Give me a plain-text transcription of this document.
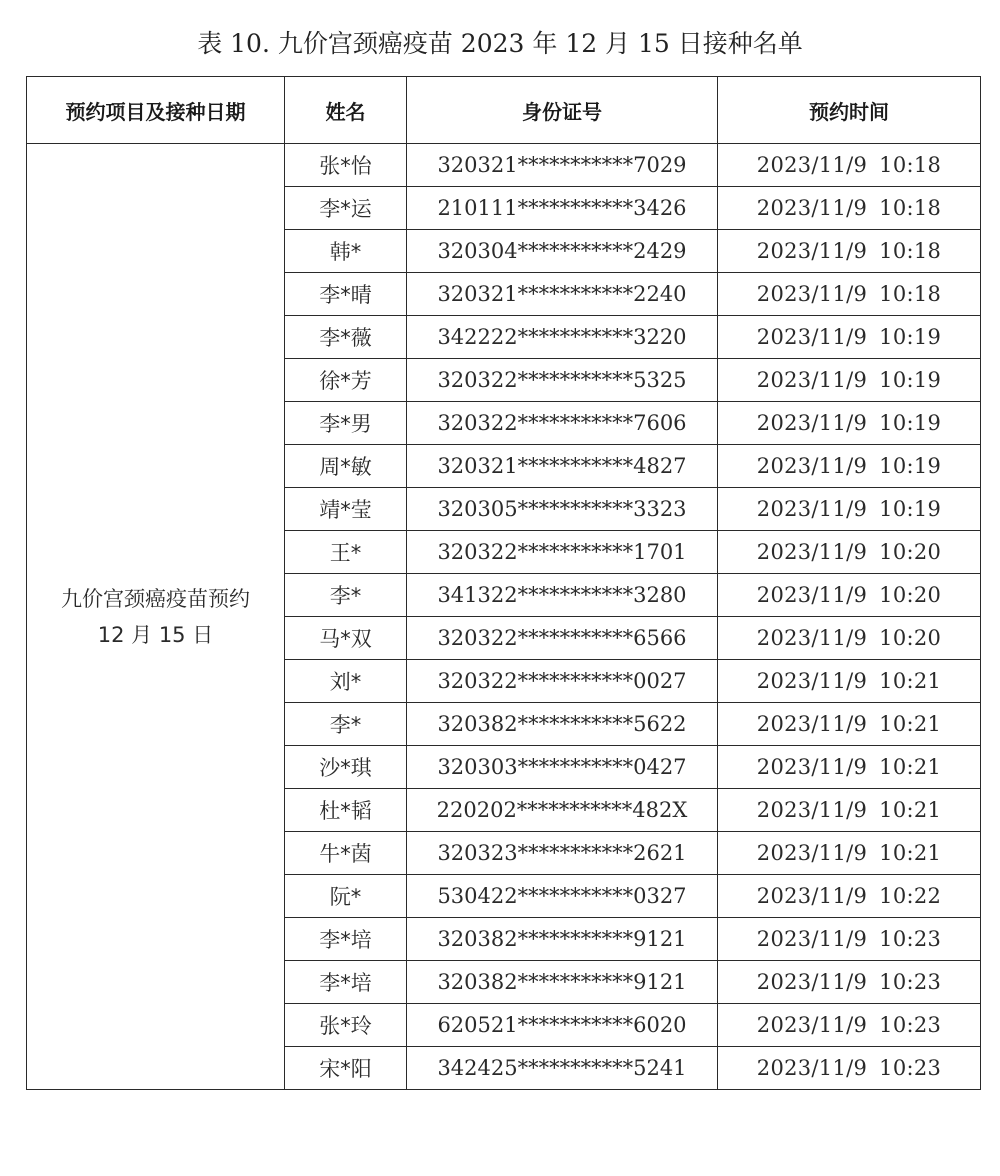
表 10. 九价宫颈癌疫苗 2023 年 12 月 15 日接种名单
预约项目及接种日期	姓名	身份证号	预约时间

九价宫颈癌疫苗预约
12 月 15 日	张*怡	320321***********7029	2023/11/9 10:18
	李*运	210111***********3426	2023/11/9 10:18
	韩*	320304***********2429	2023/11/9 10:18
	李*晴	320321***********2240	2023/11/9 10:18
	李*薇	342222***********3220	2023/11/9 10:19
	徐*芳	320322***********5325	2023/11/9 10:19
	李*男	320322***********7606	2023/11/9 10:19
	周*敏	320321***********4827	2023/11/9 10:19
	靖*莹	320305***********3323	2023/11/9 10:19
	王*	320322***********1701	2023/11/9 10:20
	李*	341322***********3280	2023/11/9 10:20
	马*双	320322***********6566	2023/11/9 10:20
	刘*	320322***********0027	2023/11/9 10:21
	李*	320382***********5622	2023/11/9 10:21
	沙*琪	320303***********0427	2023/11/9 10:21
	杜*韬	220202***********482X	2023/11/9 10:21
	牛*茵	320323***********2621	2023/11/9 10:21
	阮*	530422***********0327	2023/11/9 10:22
	李*培	320382***********9121	2023/11/9 10:23
	李*培	320382***********9121	2023/11/9 10:23
	张*玲	620521***********6020	2023/11/9 10:23
	宋*阳	342425***********5241	2023/11/9 10:23
